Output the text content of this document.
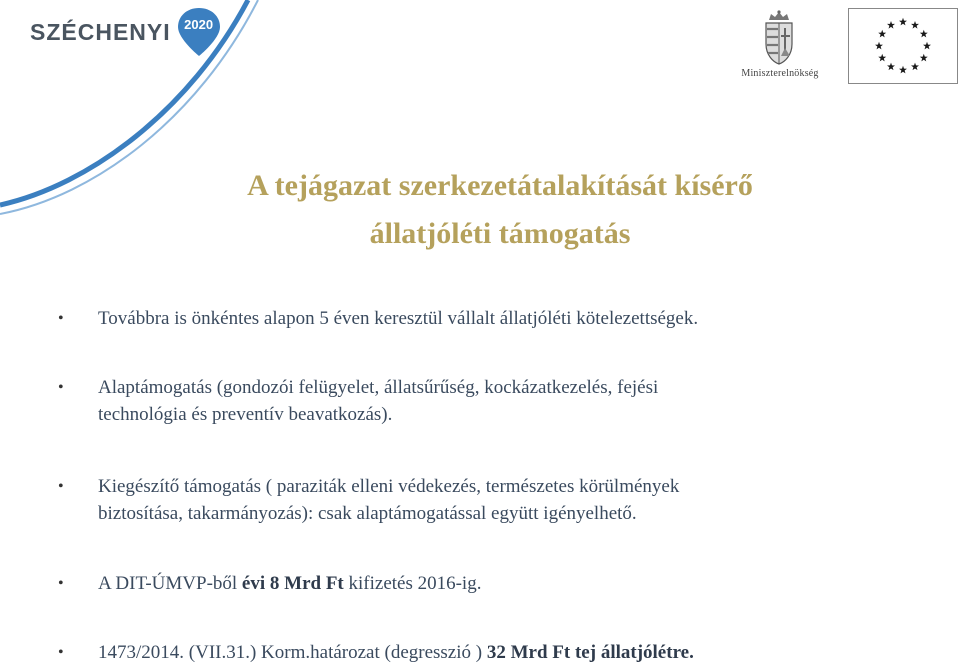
SZÉCHENYI	2020
Miniszterelnökség
A tejágazat szerkezetátalakítását kísérő
állatjóléti támogatás
• Továbbra is önkéntes alapon 5 éven keresztül vállalt állatjóléti kötelezettségek.
• Alaptámogatás (gondozói felügyelet, állatsűrűség, kockázatkezelés, fejési
technológia és preventív beavatkozás).
• Kiegészítő támogatás ( paraziták elleni védekezés, természetes körülmények
biztosítása, takarmányozás): csak alaptámogatással együtt igényelhető.
• A DIT-ÚMVP-ből évi 8 Mrd Ft kifizetés 2016-ig.
• 1473/2014. (VII.31.) Korm.határozat (degresszió ) 32 Mrd Ft tej állatjólétre.
